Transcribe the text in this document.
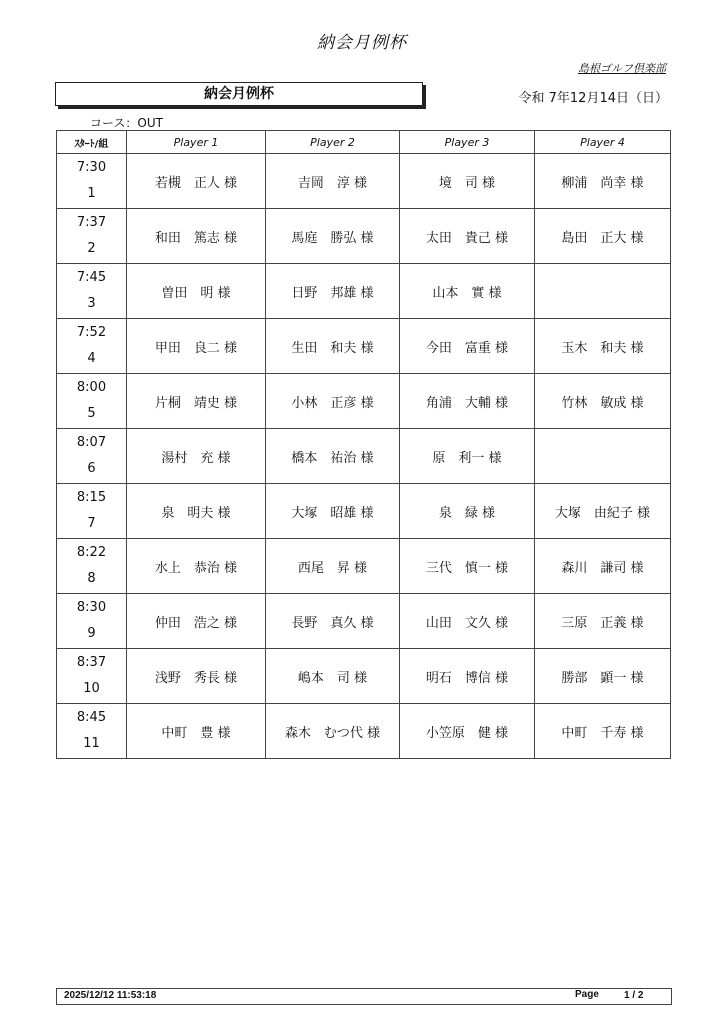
納会月例杯
島根ゴルフ倶楽部
納会月例杯	令和 7年12月14日（日）
コース：OUT
ｽﾀｰﾄ/組	Player 1	Player 2	Player 3	Player 4

7:30
1	若槻　正人 様	吉岡　淳 様	境　司 様	柳浦　尚幸 様

7:37
2	和田　篤志 様	馬庭　勝弘 様	太田　貴己 様	島田　正大 様

7:45
3	曽田　明 様	日野　邦雄 様	山本　實 様	

7:52
4	甲田　良二 様	生田　和夫 様	今田　富重 様	玉木　和夫 様

8:00
5	片桐　靖史 様	小林　正彦 様	角浦　大輔 様	竹林　敏成 様

8:07
6	湯村　充 様	橋本　祐治 様	原　利一 様	

8:15
7	泉　明夫 様	大塚　昭雄 様	泉　緑 様	大塚　由紀子 様

8:22
8	水上　恭治 様	西尾　昇 様	三代　慎一 様	森川　謙司 様

8:30
9	仲田　浩之 様	長野　真久 様	山田　文久 様	三原　正義 様

8:37
10	浅野　秀長 様	嶋本　司 様	明石　博信 様	勝部　顕一 様

8:45
11	中町　豊 様	森木　むつ代 様	小笠原　健 様	中町　千寿 様
2025/12/12 11:53:18	Page	1 / 2
